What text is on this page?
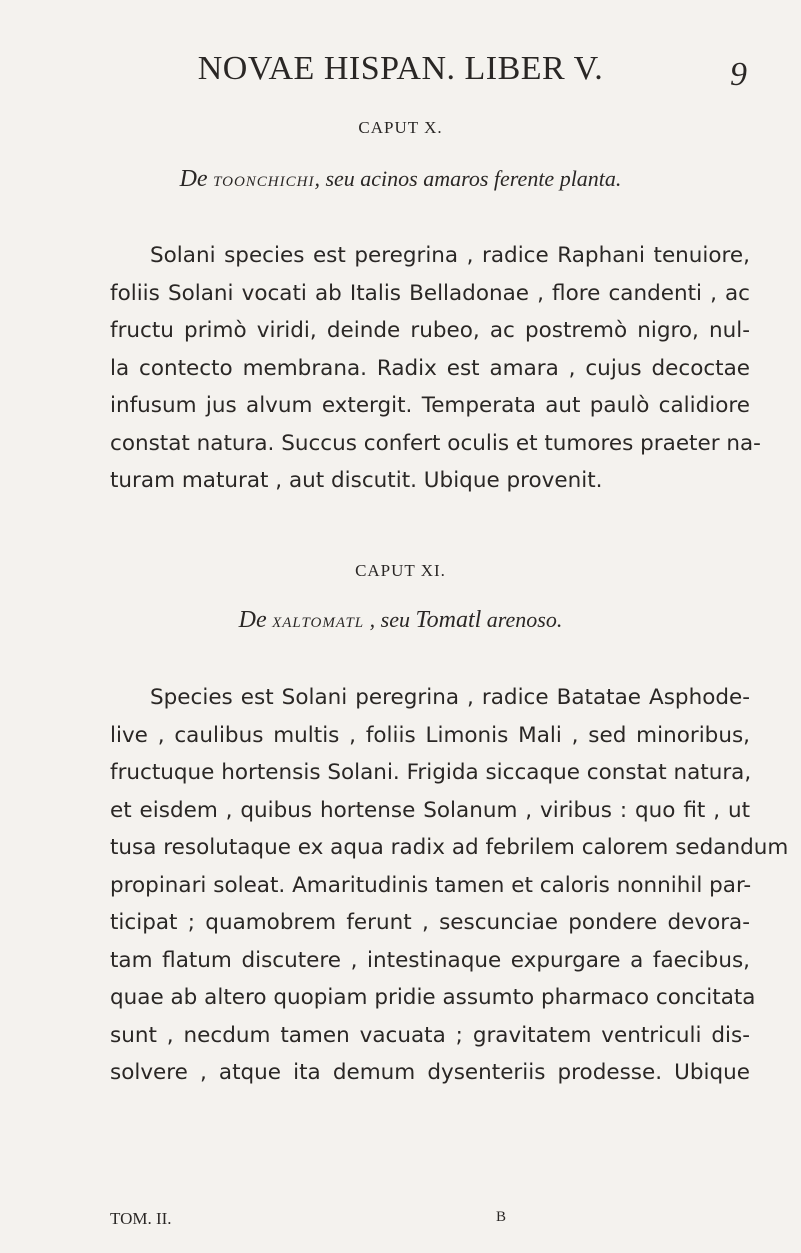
NOVAE HISPAN. LIBER V.	9
CAPUT X.
De TOONCHICHI, seu acinos amaros ferente planta.
Solani species est peregrina , radice Raphani tenuiore,
foliis Solani vocati ab Italis Belladonae , flore candenti , ac
fructu primò viridi, deinde rubeo, ac postremò nigro, nul-
la contecto membrana. Radix est amara , cujus decoctae
infusum jus alvum extergit. Temperata aut paulò calidiore
constat natura. Succus confert oculis et tumores praeter na-
turam maturat , aut discutit. Ubique provenit.
CAPUT XI.
De XALTOMATL , seu Tomatl arenoso.
Species est Solani peregrina , radice Batatae Asphode-
live , caulibus multis , foliis Limonis Mali , sed minoribus,
fructuque hortensis Solani. Frigida siccaque constat natura,
et eisdem , quibus hortense Solanum , viribus : quo fit , ut
tusa resolutaque ex aqua radix ad febrilem calorem sedandum
propinari soleat. Amaritudinis tamen et caloris nonnihil par-
ticipat ; quamobrem ferunt , sescunciae pondere devora-
tam flatum discutere , intestinaque expurgare a faecibus,
quae ab altero quopiam pridie assumto pharmaco concitata
sunt , necdum tamen vacuata ; gravitatem ventriculi dis-
solvere , atque ita demum dysenteriis prodesse. Ubique
TOM. II.	B
